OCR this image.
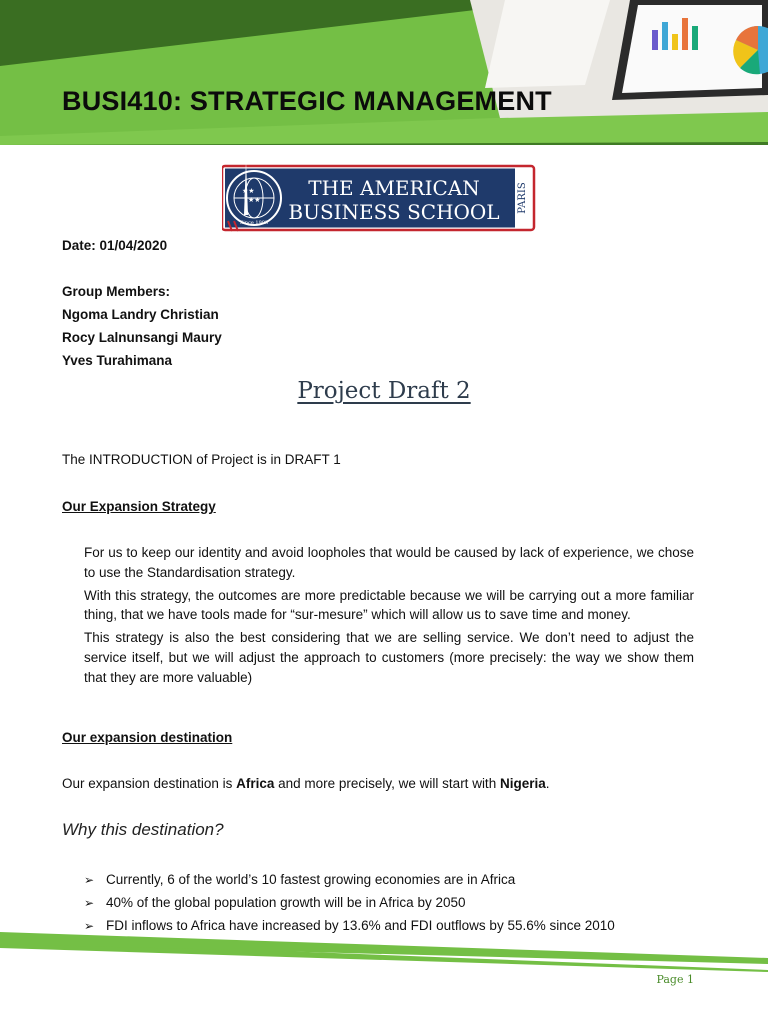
BUSI410: STRATEGIC MANAGEMENT
PARIS
★★
★★
Since 1993
THE AMERICAN
BUSINESS SCHOOL
Date: 01/04/2020
Group Members:
Ngoma Landry Christian
Rocy Lalnunsangi Maury
Yves Turahimana
Project Draft 2
The INTRODUCTION of Project is in DRAFT 1
Our Expansion Strategy

For us to keep our identity and avoid loopholes that would be caused by lack of experience, we chose to use the Standardisation strategy.

With this strategy, the outcomes are more predictable because we will be carrying out a more familiar thing, that we have tools made for “sur-mesure” which will allow us to save time and money.

This strategy is also the best considering that we are selling service. We don’t need to adjust the service itself, but we will adjust the approach to customers (more precisely: the way we show them that they are more valuable)

Our expansion destination
Our expansion destination is Africa and more precisely, we will start with Nigeria.
Why this destination?
➢ Currently, 6 of the world’s 10 fastest growing economies are in Africa
➢ 40% of the global population growth will be in Africa by 2050
➢ FDI inflows to Africa have increased by 13.6% and FDI outflows by 55.6% since 2010
Page 1
